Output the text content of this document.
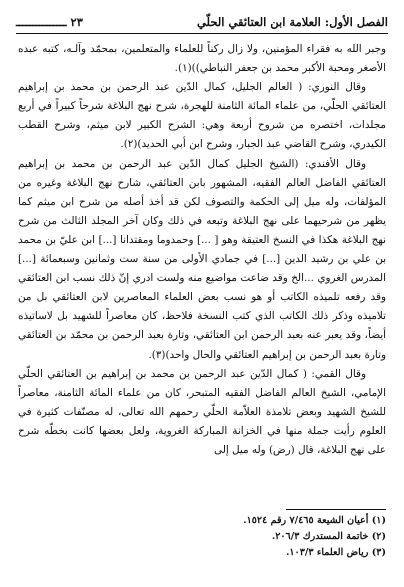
الفصل الأول: العلامة ابن العتائقي الحلّي
٢٣ ـــــــــــــــ

وجبر الله به فقراء المؤمنين، ولا زال ركناً للعلماء والمتعلمين، بمحمّد وآلـه، كتبه عبده الأصغر ومحبة الأكبر محمد بن جعفر النباطي))(١).

وقال النوري: ( العالم الجليل، كمال الدّين عبد الرحمن بن محمد بن إبراهيم العتائقي الحلّي، من علماء المائة الثامنة للهجرة، شرح نهج البلاغة شرحاً كبيراً في أربع مجلدات، اختصره من شروح أربعة وهي: الشرح الكبير لابن ميثم، وشرح القطب الكيدري، وشرح القاضي عبد الجبار، وشرح ابن أبي الحديد)(٢).

وقال الأفندي: (الشيخ الجليل كمال الدّين عبد الرحمن بن محمد بن إبراهيم العتائقي الفاضل العالم الفقيه، المشهور بابن العتائقي، شارح نهج البلاغة وغيره من المؤلفات، وله ميل إلى الحكمة والتصوف لكن قد أخذ أصله من شرح ابن ميثم كما يظهر من شرحيهما على نهج البلاغة وتبعه في ذلك وكان آخر المجلد الثالث من شرح نهج البلاغة هكذا في النسخ العتيقة وهو [ ...] وحمدوما ومقتدانا [...] ابن عليّ بن محمد بن علي بن رشيد الدين [...] في جمادي الأولى من سنة ست وثمانين وسبعمائة [...] المدرس الغروي ...الخ وقد ضاعت مواضيع منه ولست ادري إنّ ذلك نسب ابن العتائقي وقد رفعه تلميذه الكاتب أو هو نسب بعض العلماء المعاصرين لابن العتائقي بل من تلاميذه وذكر ذلك الكاتب الذي كتب النسخة فلاحظ، كان معاصراً للشهيد بل لاساتيذه أيضاً، وقد يعبر عنه بعبد الرحمن ابن العتائقي، وتارة بعبد الرحمن بن محمّد بن العتائقي وتارة بعبد الرحمن بن إبراهيم العتائقي والحال واحد)(٣).

وقال القمي: ( كمال الدّين عبد الرحمن بن محمد بن إبراهيم بن العتائقي الحلّي الإمامي، الشيخ العالم الفاضل الفقيه المتبحر، كان من علماء المائة الثامنة، معاصراً للشيخ الشهيد وبعض تلامذة العلاّمة الحلّي رحمهم الله تعالى، له مصنّفات كثيرة في العلوم رأيت جملة منها في الخزانة المباركة الغروية، ولعل بعضها كانت بخطّه شرح على نهج البلاغة، قال (رض) وله ميل إلى

(١) أعيان الشيعة ٧/٤٦٥ رقم ١٥٢٤.
(٢) خاتمة المستدرك ٢٠٦/٣.
(٣) رياض العلماء ١٠٣/٣.
